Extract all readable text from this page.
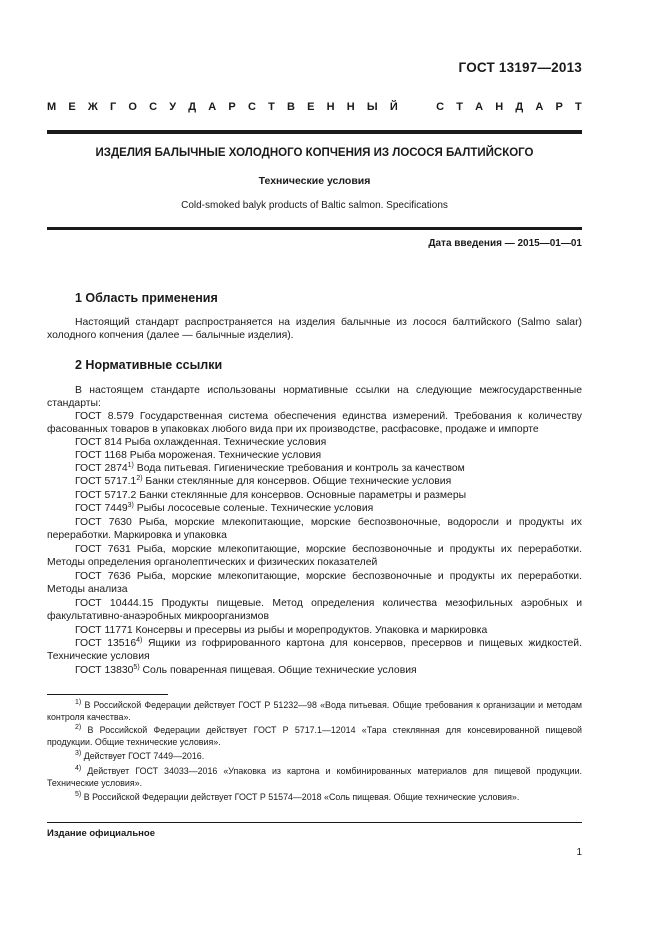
ГОСТ 13197—2013
М Е Ж Г О С У Д А Р С Т В Е Н Н Ы Й	С Т А Н Д А Р Т
ИЗДЕЛИЯ БАЛЫЧНЫЕ ХОЛОДНОГО КОПЧЕНИЯ ИЗ ЛОСОСЯ БАЛТИЙСКОГО
Технические условия
Cold-smoked balyk products of Baltic salmon. Specifications
Дата введения — 2015—01—01
1 Область применения
Настоящий стандарт распространяется на изделия балычные из лосося балтийского (Salmo salar) холодного копчения (далее — балычные изделия).
2 Нормативные ссылки
В настоящем стандарте использованы нормативные ссылки на следующие межгосударственные стандарты:
ГОСТ 8.579 Государственная система обеспечения единства измерений. Требования к количеству фасованных товаров в упаковках любого вида при их производстве, расфасовке, продаже и импорте
ГОСТ 814 Рыба охлажденная. Технические условия
ГОСТ 1168 Рыба мороженая. Технические условия
ГОСТ 2874$^{1)}$ Вода питьевая. Гигиенические требования и контроль за качеством
ГОСТ 5717.1$^{2)}$ Банки стеклянные для консервов. Общие технические условия
ГОСТ 5717.2 Банки стеклянные для консервов. Основные параметры и размеры
ГОСТ 7449$^{3)}$ Рыбы лососевые соленые. Технические условия
ГОСТ 7630 Рыба, морские млекопитающие, морские беспозвоночные, водоросли и продукты их переработки. Маркировка и упаковка
ГОСТ 7631 Рыба, морские млекопитающие, морские беспозвоночные и продукты их переработки. Методы определения органолептических и физических показателей
ГОСТ 7636 Рыба, морские млекопитающие, морские беспозвоночные и продукты их переработки. Методы анализа
ГОСТ 10444.15 Продукты пищевые. Метод определения количества мезофильных аэробных и факультативно-анаэробных микроорганизмов
ГОСТ 11771 Консервы и пресервы из рыбы и морепродуктов. Упаковка и маркировка
ГОСТ 13516$^{4)}$ Ящики из гофрированного картона для консервов, пресервов и пищевых жидкостей. Технические условия
ГОСТ 13830$^{5)}$ Соль поваренная пищевая. Общие технические условия
$^{1)}$ В Российской Федерации действует ГОСТ Р 51232—98 «Вода питьевая. Общие требования к организации и методам контроля качества».
$^{2)}$ В Российской Федерации действует ГОСТ Р 5717.1—12014 «Тара стеклянная для консевированной пищевой продукции. Общие технические условия».
$^{3)}$ Действует ГОСТ 7449—2016.
$^{4)}$ Действует ГОСТ 34033—2016 «Упаковка из картона и комбинированных материалов для пищевой продукции. Технические условия».
$^{5)}$ В Российской Федерации действует ГОСТ Р 51574—2018 «Соль пищевая. Общие технические условия».
Издание официальное
1
